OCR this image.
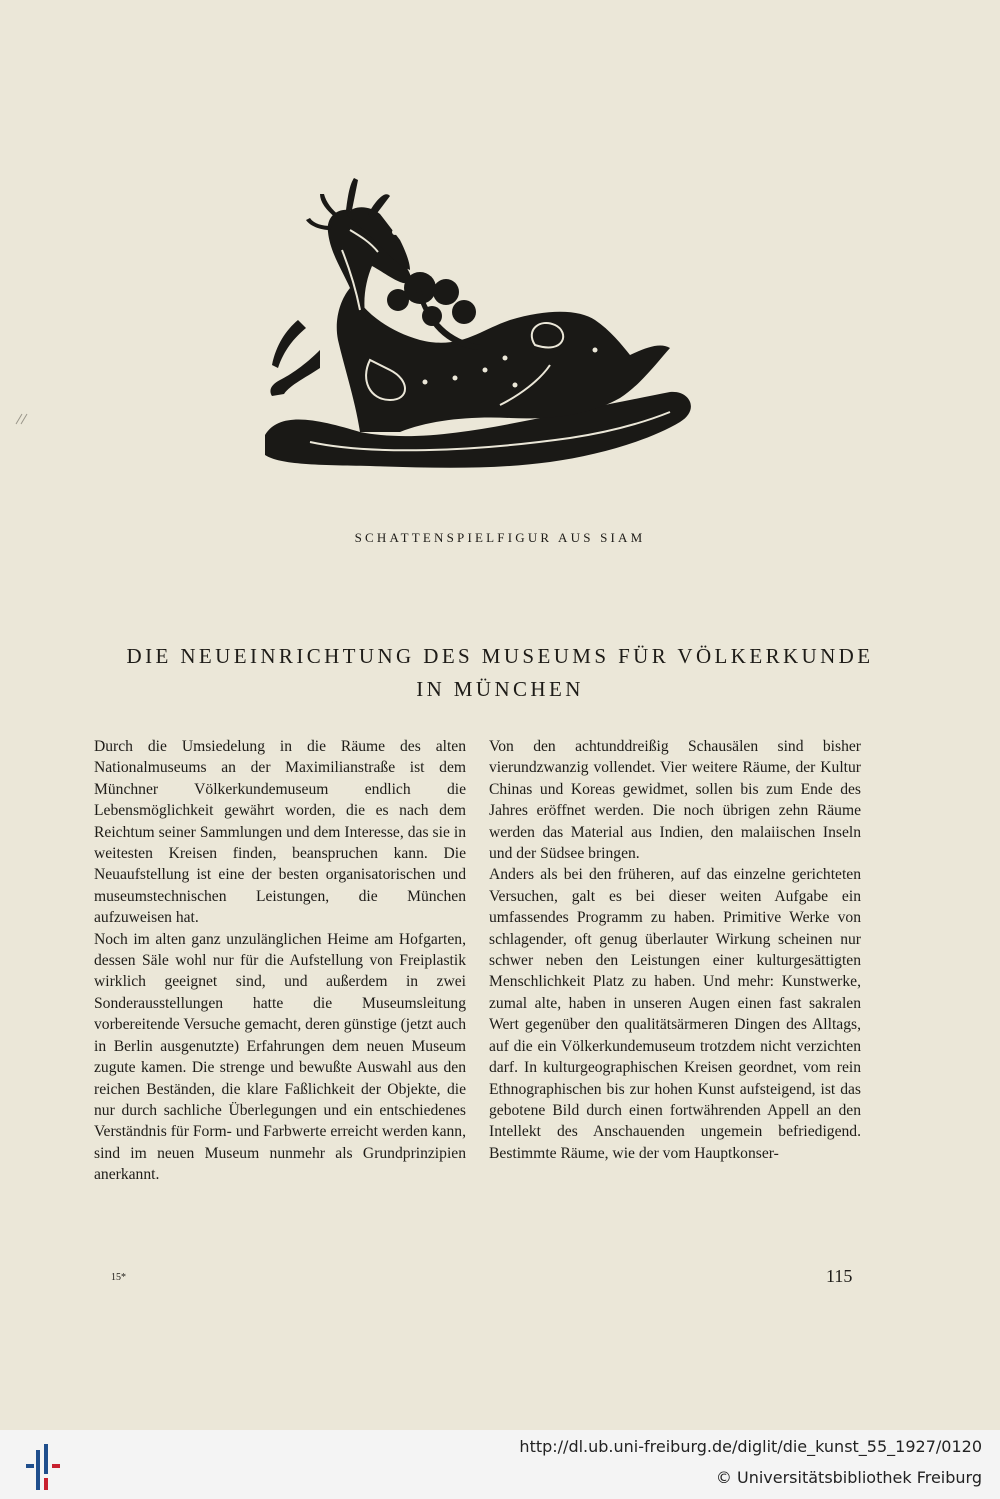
SCHATTENSPIELFIGUR AUS SIAM
DIE NEUEINRICHTUNG DES MUSEUMS FÜR VÖLKERKUNDE
IN MÜNCHEN

Durch die Umsiedelung in die Räume des alten Nationalmuseums an der Maximilianstraße ist dem Münchner Völkerkundemuseum endlich die Lebensmöglichkeit gewährt worden, die es nach dem Reichtum seiner Sammlungen und dem Interesse, das sie in weitesten Kreisen finden, beanspruchen kann. Die Neuaufstellung ist eine der besten organisatorischen und museumstechnischen Leistungen, die München aufzuweisen hat.

Noch im alten ganz unzulänglichen Heime am Hofgarten, dessen Säle wohl nur für die Aufstellung von Freiplastik wirklich geeignet sind, und außerdem in zwei Sonderausstellungen hatte die Museumsleitung vorbereitende Versuche gemacht, deren günstige (jetzt auch in Berlin ausgenutzte) Erfahrungen dem neuen Museum zugute kamen. Die strenge und bewußte Auswahl aus den reichen Beständen, die klare Faßlichkeit der Objekte, die nur durch sachliche Überlegungen und ein entschiedenes Verständnis für Form- und Farbwerte erreicht werden kann, sind im neuen Museum nunmehr als Grundprinzipien anerkannt.

Von den achtunddreißig Schausälen sind bisher vierundzwanzig vollendet. Vier weitere Räume, der Kultur Chinas und Koreas gewidmet, sollen bis zum Ende des Jahres eröffnet werden. Die noch übrigen zehn Räume werden das Material aus Indien, den malaiischen Inseln und der Südsee bringen.

Anders als bei den früheren, auf das einzelne gerichteten Versuchen, galt es bei dieser weiten Aufgabe ein umfassendes Programm zu haben. Primitive Werke von schlagender, oft genug überlauter Wirkung scheinen nur schwer neben den Leistungen einer kulturgesättigten Menschlichkeit Platz zu haben. Und mehr: Kunstwerke, zumal alte, haben in unseren Augen einen fast sakralen Wert gegenüber den qualitätsärmeren Dingen des Alltags, auf die ein Völkerkundemuseum trotzdem nicht verzichten darf. In kulturgeographischen Kreisen geordnet, vom rein Ethnographischen bis zur hohen Kunst aufsteigend, ist das gebotene Bild durch einen fortwährenden Appell an den Intellekt des Anschauenden ungemein befriedigend. Bestimmte Räume, wie der vom Hauptkonser-

15*	115
http://dl.ub.uni-freiburg.de/diglit/die_kunst_55_1927/0120
© Universitätsbibliothek Freiburg
